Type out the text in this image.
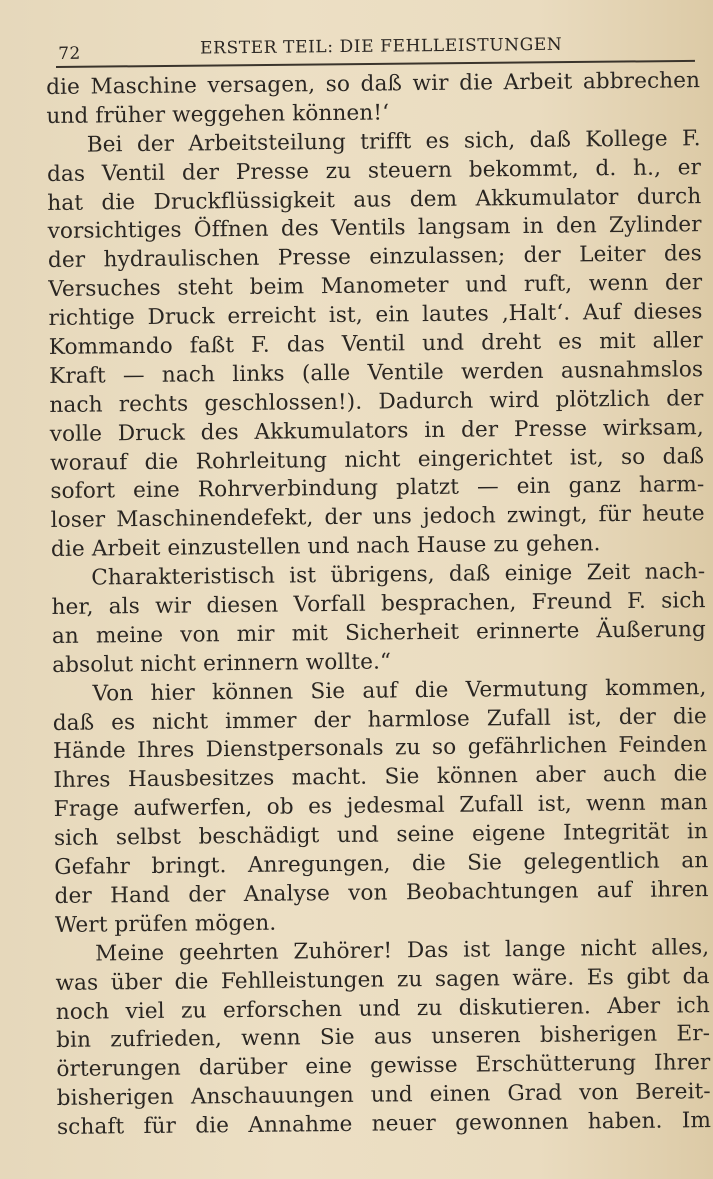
72	ERSTER TEIL: DIE FEHLLEISTUNGEN
die Maschine versagen, so daß wir die Arbeit abbrechen
und früher weggehen können!‘
Bei der Arbeitsteilung trifft es sich, daß Kollege F.
das Ventil der Presse zu steuern bekommt, d. h., er
hat die Druckflüssigkeit aus dem Akkumulator durch
vorsichtiges Öffnen des Ventils langsam in den Zylinder
der hydraulischen Presse einzulassen; der Leiter des
Versuches steht beim Manometer und ruft, wenn der
richtige Druck erreicht ist, ein lautes ‚Halt‘. Auf dieses
Kommando faßt F. das Ventil und dreht es mit aller
Kraft — nach links (alle Ventile werden ausnahmslos
nach rechts geschlossen!). Dadurch wird plötzlich der
volle Druck des Akkumulators in der Presse wirksam,
worauf die Rohrleitung nicht eingerichtet ist, so daß
sofort eine Rohrverbindung platzt — ein ganz harm-
loser Maschinendefekt, der uns jedoch zwingt, für heute
die Arbeit einzustellen und nach Hause zu gehen.
Charakteristisch ist übrigens, daß einige Zeit nach-
her, als wir diesen Vorfall besprachen, Freund F. sich
an meine von mir mit Sicherheit erinnerte Äußerung
absolut nicht erinnern wollte.“
Von hier können Sie auf die Vermutung kommen,
daß es nicht immer der harmlose Zufall ist, der die
Hände Ihres Dienstpersonals zu so gefährlichen Feinden
Ihres Hausbesitzes macht. Sie können aber auch die
Frage aufwerfen, ob es jedesmal Zufall ist, wenn man
sich selbst beschädigt und seine eigene Integrität in
Gefahr bringt. Anregungen, die Sie gelegentlich an
der Hand der Analyse von Beobachtungen auf ihren
Wert prüfen mögen.
Meine geehrten Zuhörer! Das ist lange nicht alles,
was über die Fehlleistungen zu sagen wäre. Es gibt da
noch viel zu erforschen und zu diskutieren. Aber ich
bin zufrieden, wenn Sie aus unseren bisherigen Er-
örterungen darüber eine gewisse Erschütterung Ihrer
bisherigen Anschauungen und einen Grad von Bereit-
schaft für die Annahme neuer gewonnen haben. Im
